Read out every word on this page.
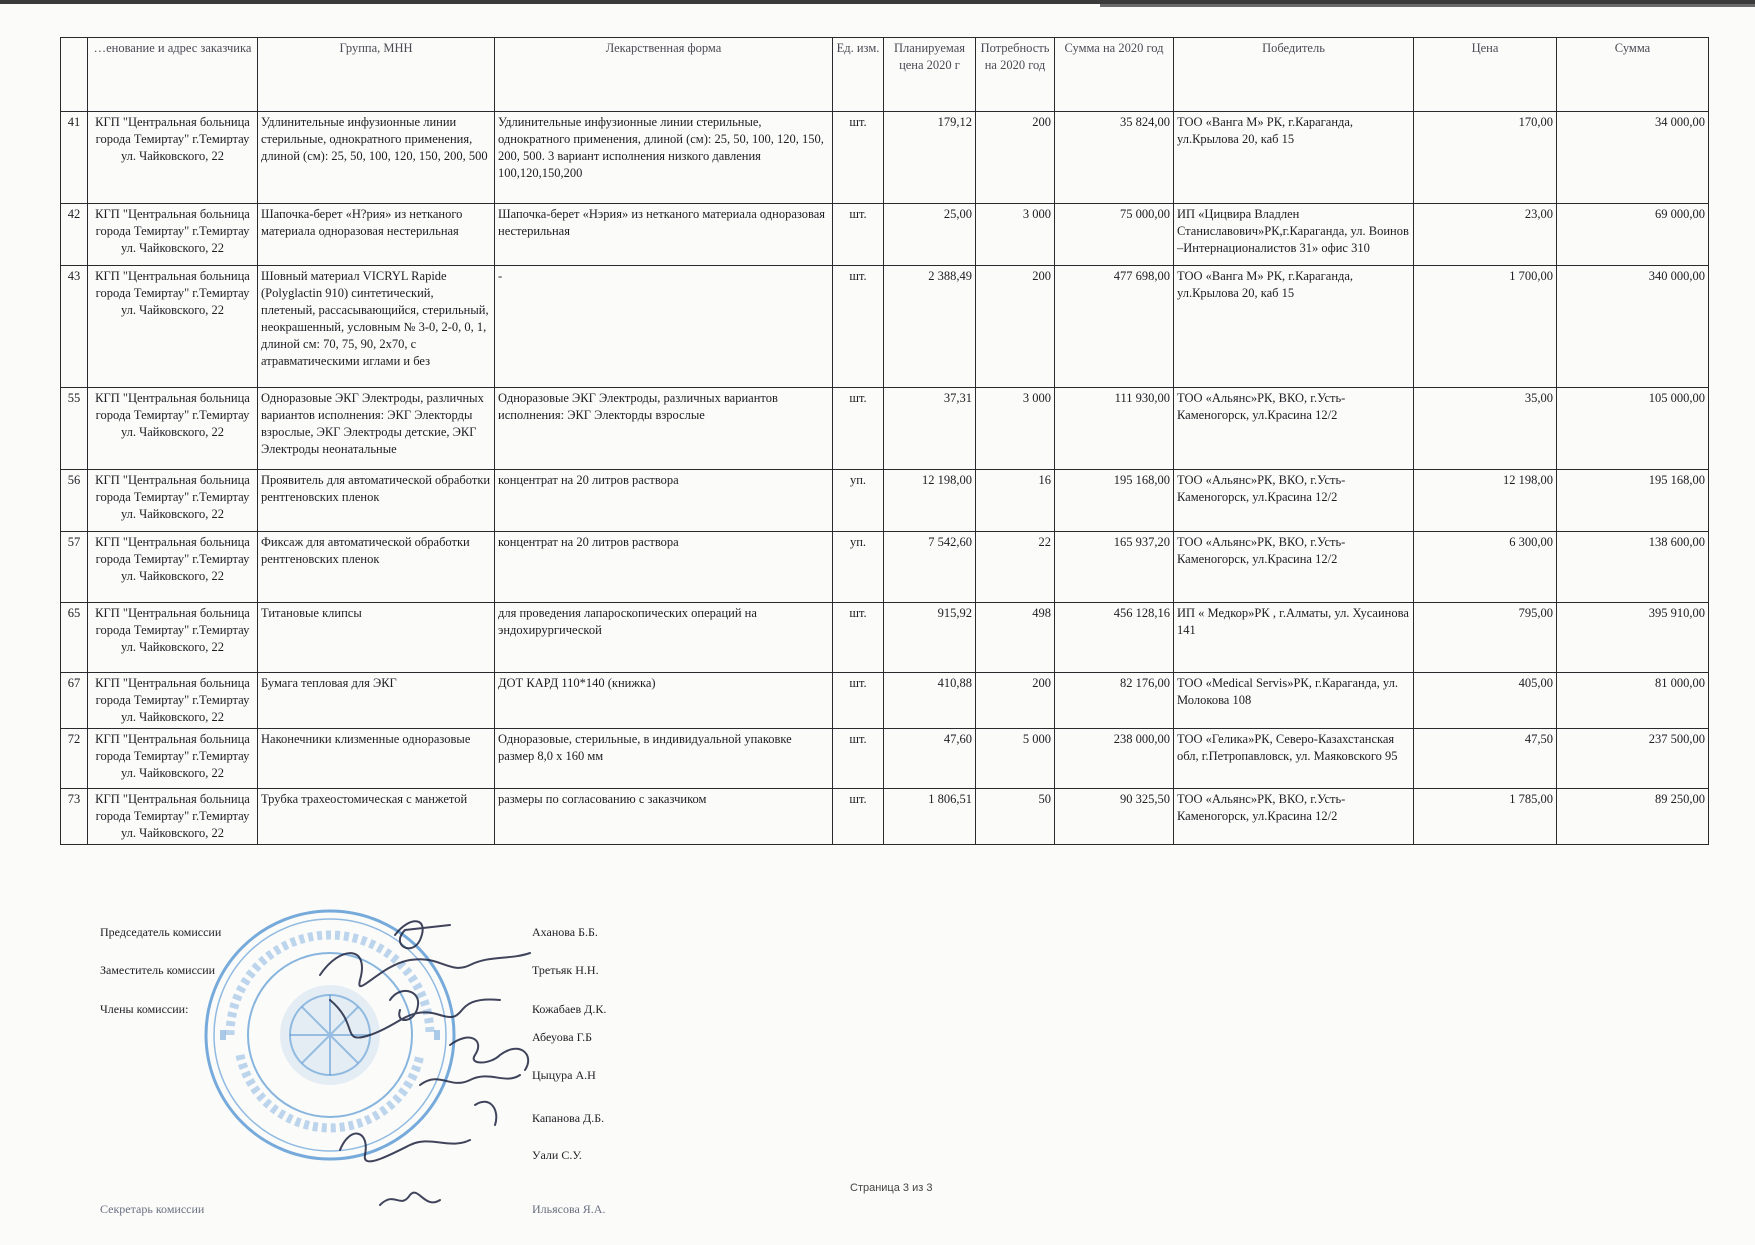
	…енование и адрес заказчика	Группа, МНН	Лекарственная форма	Ед. изм.	Планируемая цена 2020 г	Потребность на 2020 год	Сумма на 2020 год	Победитель	Цена	Сумма
41	КГП "Центральная больница города Темиртау" г.Темиртау ул. Чайковского, 22	Удлинительные инфузионные линии стерильные, однократного применения, длиной (см): 25, 50, 100, 120, 150, 200, 500	Удлинительные инфузионные линии стерильные, однократного применения, длиной (см): 25, 50, 100, 120, 150, 200, 500. 3 вариант исполнения низкого давления 100,120,150,200	шт.	179,12	200	35 824,00	ТОО «Ванга М» РК, г.Караганда, ул.Крылова 20, каб 15	170,00	34 000,00
42	КГП "Центральная больница города Темиртау" г.Темиртау ул. Чайковского, 22	Шапочка-берет «Н?рия» из нетканого материала одноразовая нестерильная	Шапочка-берет «Нэрия» из нетканого материала одноразовая нестерильная	шт.	25,00	3 000	75 000,00	ИП «Цицвира Владлен Станиславович»РК,г.Караганда, ул. Воинов –Интернационалистов 31» офис 310	23,00	69 000,00
43	КГП "Центральная больница города Темиртау" г.Темиртау ул. Чайковского, 22	Шовный материал VICRYL Rapide (Polyglactin 910) синтетический, плетеный, рассасывающийся, стерильный, неокрашенный, условным № 3-0, 2-0, 0, 1, длиной см: 70, 75, 90, 2x70, с атравматическими иглами и без	-	шт.	2 388,49	200	477 698,00	ТОО «Ванга М» РК, г.Караганда, ул.Крылова 20, каб 15	1 700,00	340 000,00
55	КГП "Центральная больница города Темиртау" г.Темиртау ул. Чайковского, 22	Одноразовые ЭКГ Электроды, различных вариантов исполнения: ЭКГ Электорды взрослые, ЭКГ Электроды детские, ЭКГ Электроды неонатальные	Одноразовые ЭКГ Электроды, различных вариантов исполнения: ЭКГ Электорды взрослые	шт.	37,31	3 000	111 930,00	ТОО «Альянс»РК, ВКО, г.Усть-Каменогорск, ул.Красина 12/2	35,00	105 000,00
56	КГП "Центральная больница города Темиртау" г.Темиртау ул. Чайковского, 22	Проявитель для автоматической обработки рентгеновских пленок	концентрат на 20 литров раствора	уп.	12 198,00	16	195 168,00	ТОО «Альянс»РК, ВКО, г.Усть-Каменогорск, ул.Красина 12/2	12 198,00	195 168,00
57	КГП "Центральная больница города Темиртау" г.Темиртау ул. Чайковского, 22	Фиксаж для автоматической обработки рентгеновских пленок	концентрат на 20 литров раствора	уп.	7 542,60	22	165 937,20	ТОО «Альянс»РК, ВКО, г.Усть-Каменогорск, ул.Красина 12/2	6 300,00	138 600,00
65	КГП "Центральная больница города Темиртау" г.Темиртау ул. Чайковского, 22	Титановые клипсы	для проведения лапароскопических операций на эндохирургической	шт.	915,92	498	456 128,16	ИП « Медкор»РК , г.Алматы, ул. Хусаинова 141	795,00	395 910,00
67	КГП "Центральная больница города Темиртау" г.Темиртау ул. Чайковского, 22	Бумага тепловая для ЭКГ	ДОТ КАРД 110*140 (книжка)	шт.	410,88	200	82 176,00	ТОО «Medical Servis»РК, г.Караганда, ул. Молокова 108	405,00	81 000,00
72	КГП "Центральная больница города Темиртау" г.Темиртау ул. Чайковского, 22	Наконечники клизменные одноразовые	Одноразовые, стерильные, в индивидуальной упаковке размер 8,0 х 160 мм	шт.	47,60	5 000	238 000,00	ТОО «Гелика»РК, Северо-Казахстанская обл, г.Петропавловск, ул. Маяковского 95	47,50	237 500,00
73	КГП "Центральная больница города Темиртау" г.Темиртау ул. Чайковского, 22	Трубка трахеостомическая с манжетой	размеры по согласованию с заказчиком	шт.	1 806,51	50	90 325,50	ТОО «Альянс»РК, ВКО, г.Усть-Каменогорск, ул.Красина 12/2	1 785,00	89 250,00
Председатель комиссии	Аханова Б.Б.
Заместитель комиссии	Третьяк Н.Н.
Члены комиссии:	Кожабаев Д.К.
Абеуова Г.Б
Цыцура А.Н
Капанова Д.Б.
Уали С.У.
Секретарь комиссии	Ильясова Я.А.
Страница 3 из 3
